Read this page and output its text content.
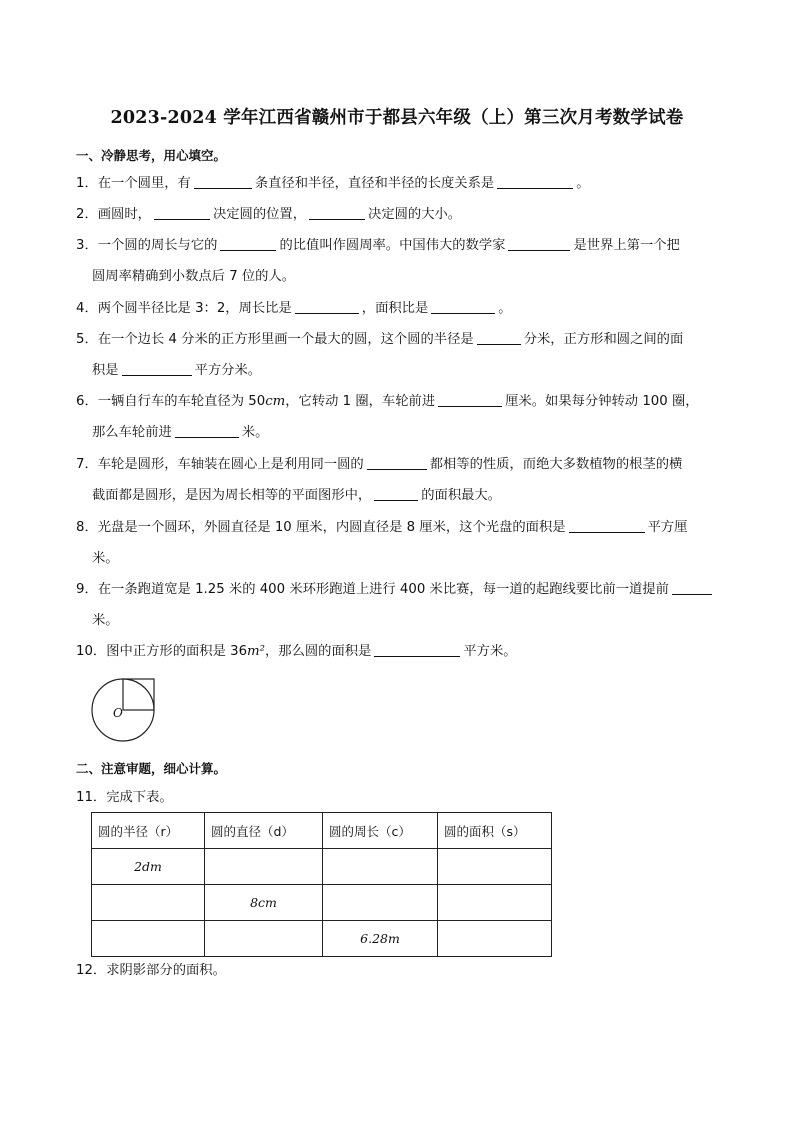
2023-2024 学年江西省赣州市于都县六年级（上）第三次月考数学试卷
一、冷静思考，用心填空。
1．在一个圆里，有	条直径和半径，直径和半径的长度关系是	。
2．画圆时，	决定圆的位置，	决定圆的大小。
3．一个圆的周长与它的	的比值叫作圆周率。中国伟大的数学家	是世界上第一个把
圆周率精确到小数点后 7 位的人。
4．两个圆半径比是 3：2，周长比是	，面积比是	。
5．在一个边长 4 分米的正方形里画一个最大的圆，这个圆的半径是	分米，正方形和圆之间的面
积是	平方分米。
6．一辆自行车的车轮直径为 50cm，它转动 1 圈，车轮前进	厘米。如果每分钟转动 100 圈，
那么车轮前进	米。
7．车轮是圆形，车轴装在圆心上是利用同一圆的	都相等的性质，而绝大多数植物的根茎的横
截面都是圆形，是因为周长相等的平面图形中，	的面积最大。
8．光盘是一个圆环，外圆直径是 10 厘米，内圆直径是 8 厘米，这个光盘的面积是	平方厘
米。
9．在一条跑道宽是 1.25 米的 400 米环形跑道上进行 400 米比赛，每一道的起跑线要比前一道提前
米。
10．图中正方形的面积是 36m²，那么圆的面积是	平方米。
O
二、注意审题，细心计算。
11．完成下表。
圆的半径（r）	圆的直径（d）	圆的周长（c）	圆的面积（s）
2dm			
	8cm		
		6.28m	
12．求阴影部分的面积。
